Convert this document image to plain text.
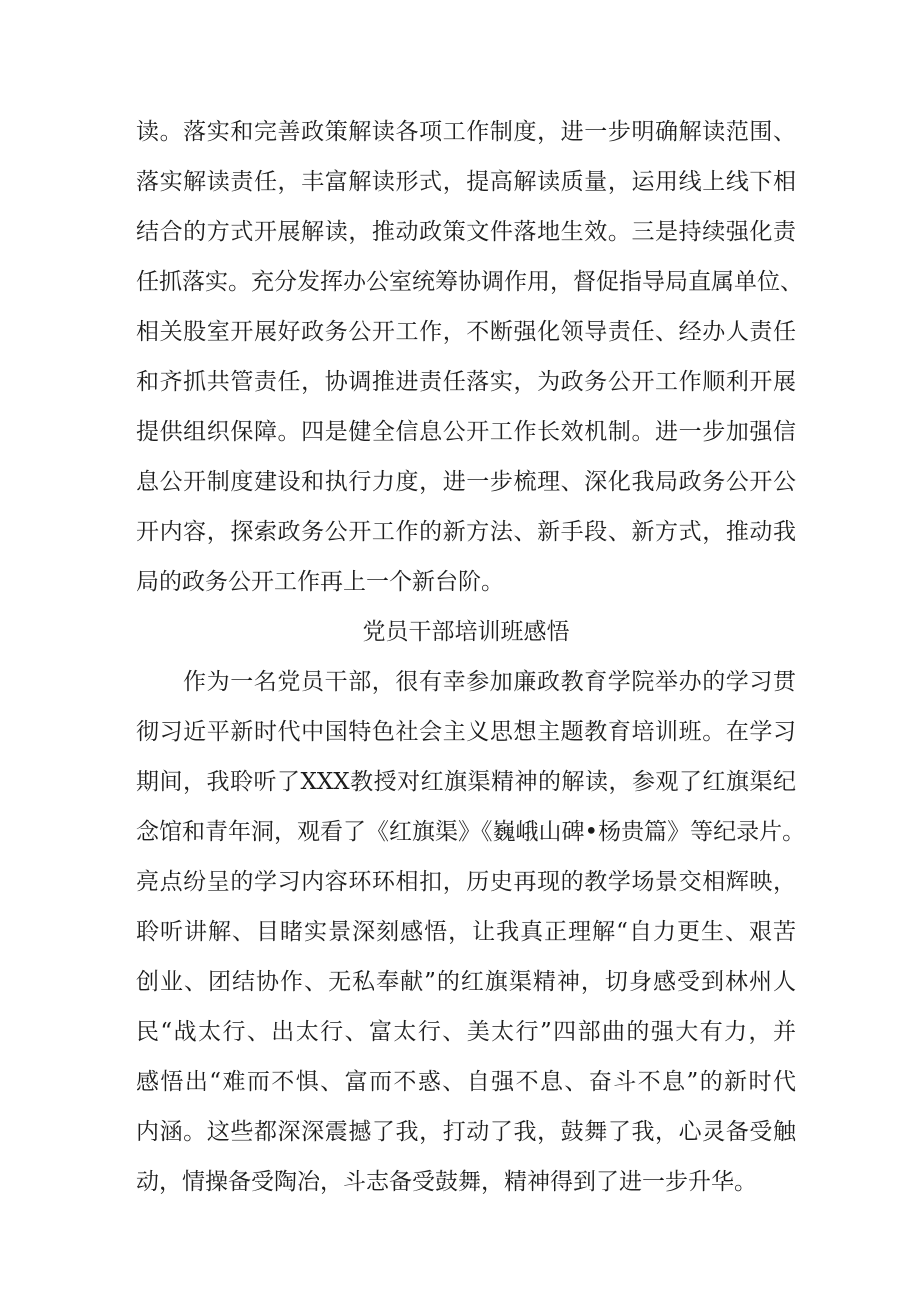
读。落实和完善政策解读各项工作制度，进一步明确解读范围、
落实解读责任，丰富解读形式，提高解读质量，运用线上线下相
结合的方式开展解读，推动政策文件落地生效。三是持续强化责
任抓落实。充分发挥办公室统筹协调作用，督促指导局直属单位、
相关股室开展好政务公开工作，不断强化领导责任、经办人责任
和齐抓共管责任，协调推进责任落实，为政务公开工作顺利开展
提供组织保障。四是健全信息公开工作长效机制。进一步加强信
息公开制度建设和执行力度，进一步梳理、深化我局政务公开公
开内容，探索政务公开工作的新方法、新手段、新方式，推动我
局的政务公开工作再上一个新台阶。
党员干部培训班感悟
作为一名党员干部，很有幸参加廉政教育学院举办的学习贯
彻习近平新时代中国特色社会主义思想主题教育培训班。在学习
期间，我聆听了XXX教授对红旗渠精神的解读，参观了红旗渠纪
念馆和青年洞，观看了《红旗渠》《巍峨山碑•杨贵篇》等纪录片。
亮点纷呈的学习内容环环相扣，历史再现的教学场景交相辉映，
聆听讲解、目睹实景深刻感悟，让我真正理解“自力更生、艰苦
创业、团结协作、无私奉献”的红旗渠精神，切身感受到林州人
民“战太行、出太行、富太行、美太行”四部曲的强大有力，并
感悟出“难而不惧、富而不惑、自强不息、奋斗不息”的新时代
内涵。这些都深深震撼了我，打动了我，鼓舞了我，心灵备受触
动，情操备受陶冶，斗志备受鼓舞，精神得到了进一步升华。
